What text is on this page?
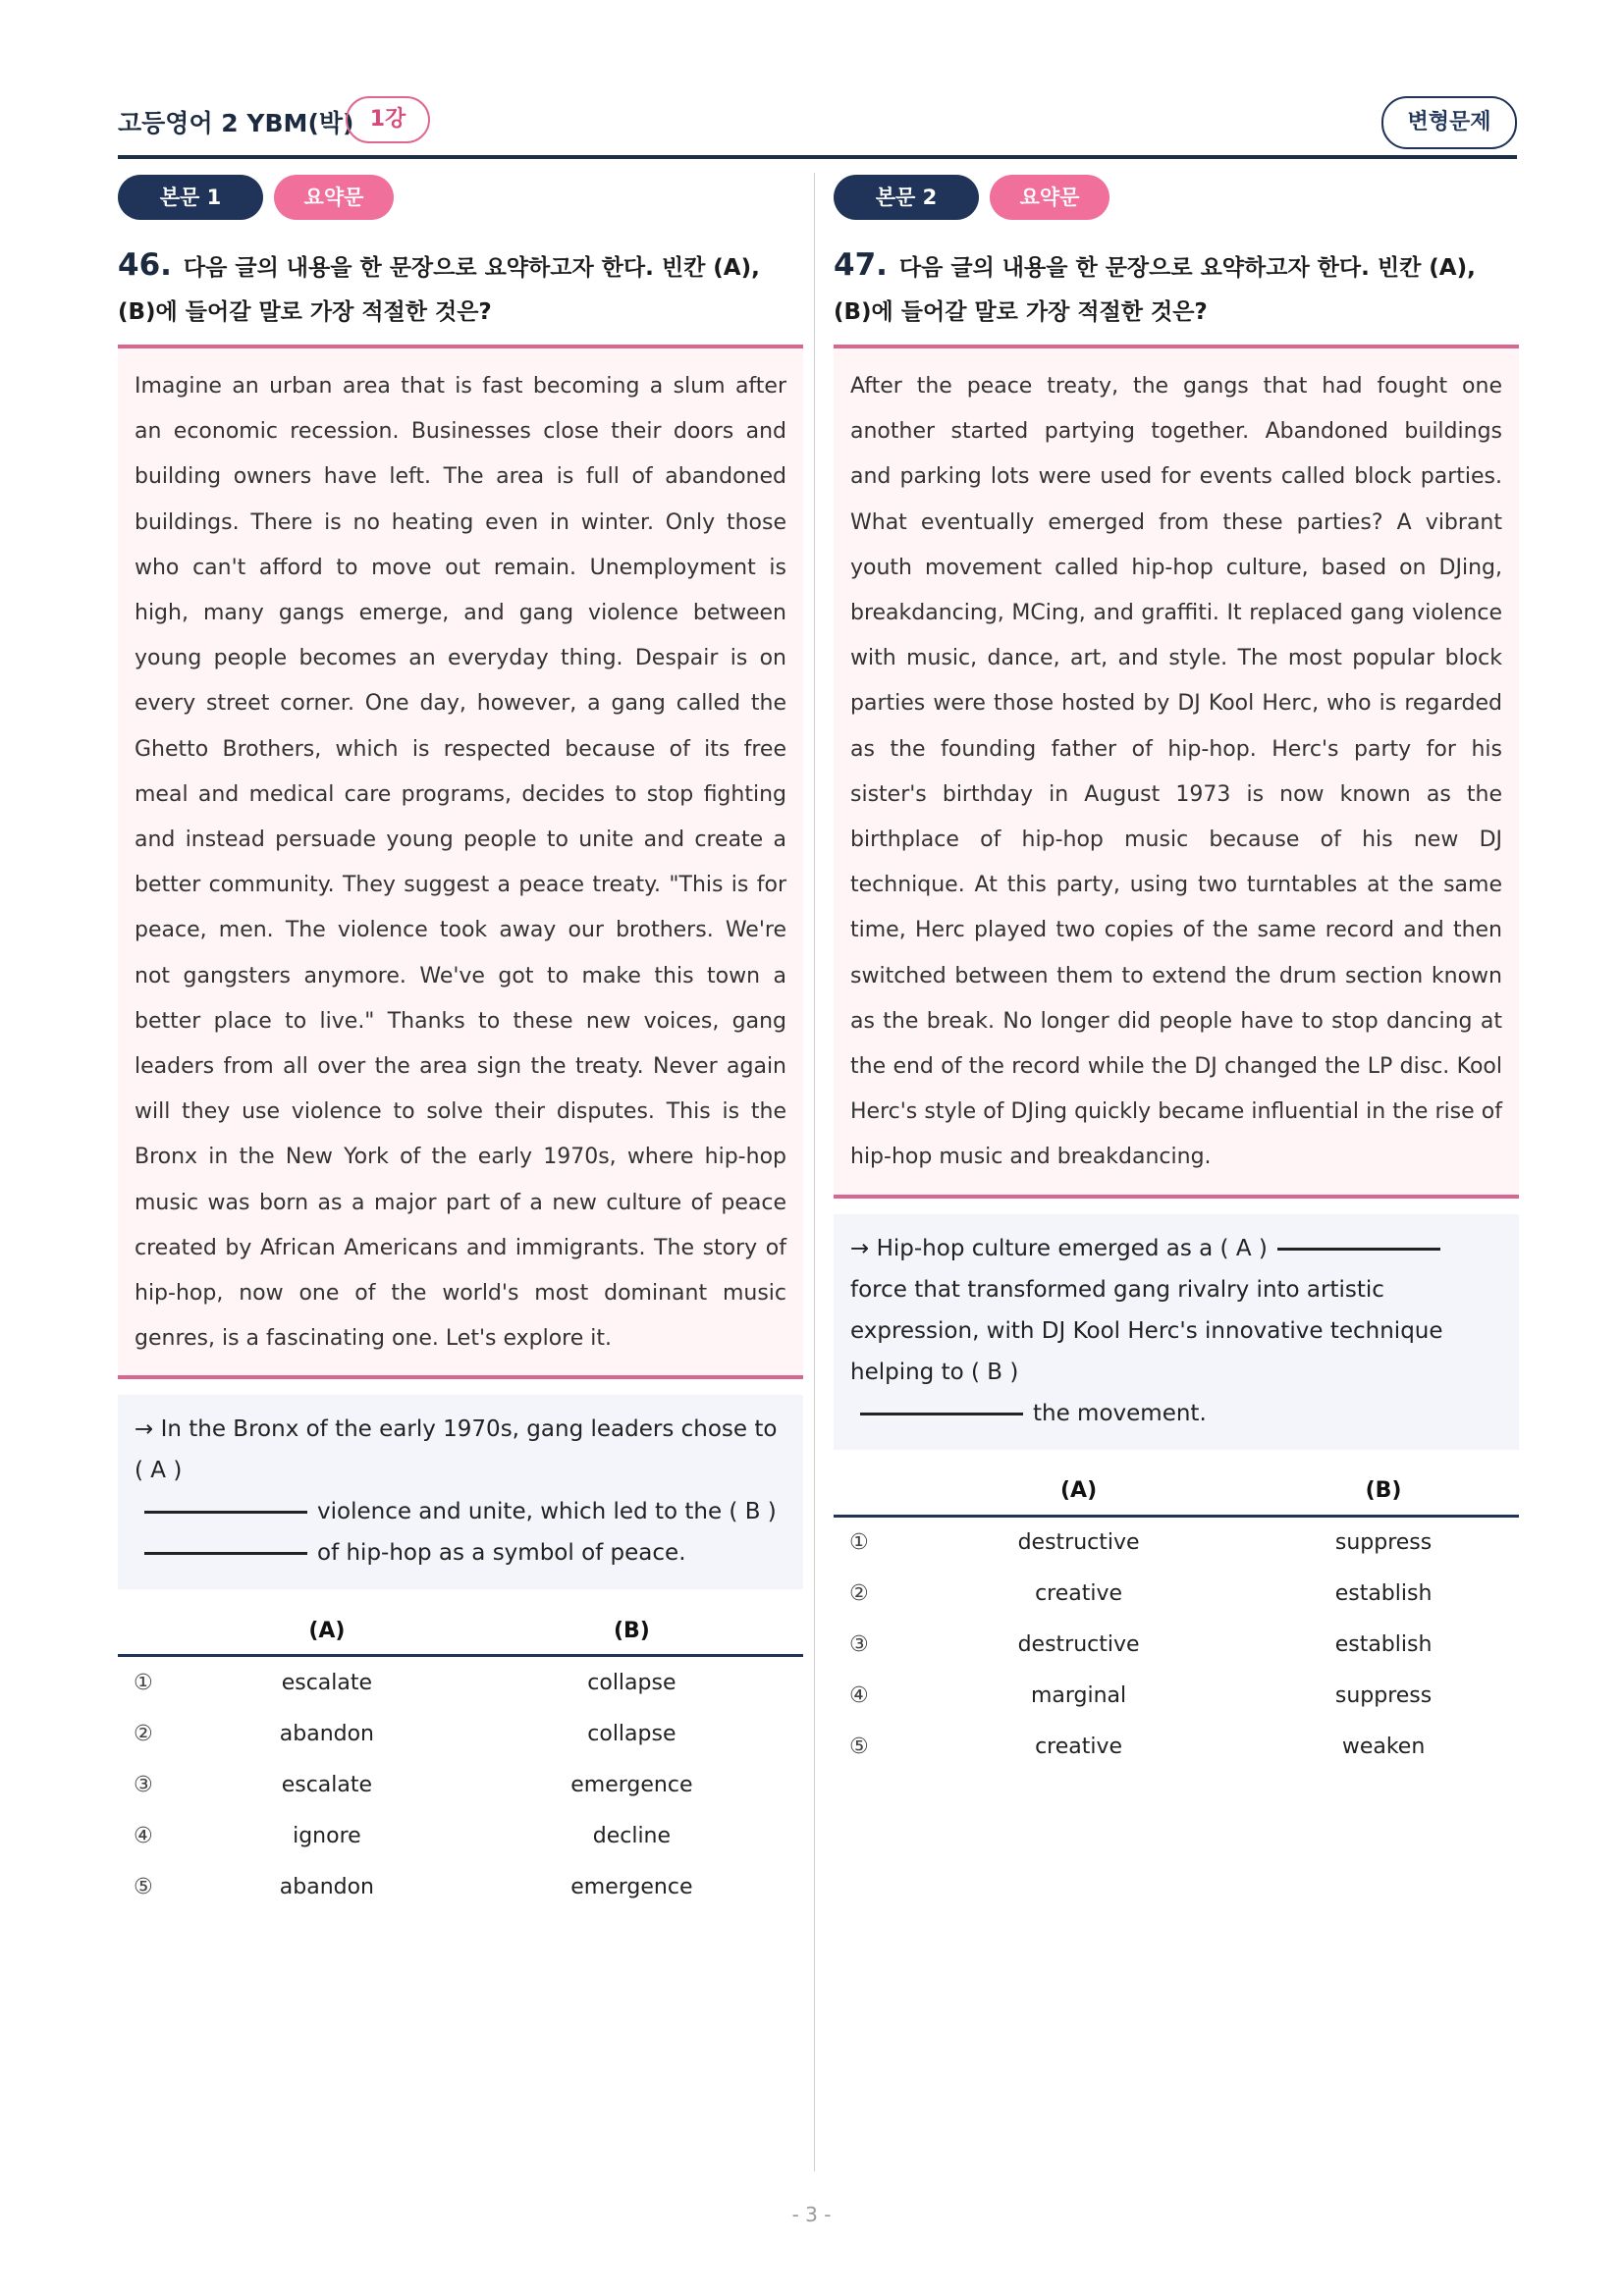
고등영어 2 YBM(박) 1강	변형문제
본문 1	요약문
46. 다음 글의 내용을 한 문장으로 요약하고자 한다. 빈칸 (A), (B)에 들어갈 말로 가장 적절한 것은?

Imagine an urban area that is fast becoming a slum after an economic recession. Businesses close their doors and building owners have left. The area is full of abandoned buildings. There is no heating even in winter. Only those who can't afford to move out remain. Unemployment is high, many gangs emerge, and gang violence between young people becomes an everyday thing. Despair is on every street corner. One day, however, a gang called the Ghetto Brothers, which is respected because of its free meal and medical care programs, decides to stop fighting and instead persuade young people to unite and create a better community. They suggest a peace treaty. "This is for peace, men. The violence took away our brothers. We're not gangsters anymore. We've got to make this town a better place to live." Thanks to these new voices, gang leaders from all over the area sign the treaty. Never again will they use violence to solve their disputes. This is the Bronx in the New York of the early 1970s, where hip-hop music was born as a major part of a new culture of peace created by African Americans and immigrants. The story of hip-hop, now one of the world's most dominant music genres, is a fascinating one. Let's explore it.

→ In the Bronx of the early 1970s, gang leaders chose to ( A )
violence and unite, which led to the ( B )
of hip-hop as a symbol of peace.
	(A)	(B)
①	escalate	collapse
②	abandon	collapse
③	escalate	emergence
④	ignore	decline
⑤	abandon	emergence
본문 2	요약문
47. 다음 글의 내용을 한 문장으로 요약하고자 한다. 빈칸 (A), (B)에 들어갈 말로 가장 적절한 것은?

After the peace treaty, the gangs that had fought one another started partying together. Abandoned buildings and parking lots were used for events called block parties. What eventually emerged from these parties? A vibrant youth movement called hip-hop culture, based on DJing, breakdancing, MCing, and graffiti. It replaced gang violence with music, dance, art, and style. The most popular block parties were those hosted by DJ Kool Herc, who is regarded as the founding father of hip-hop. Herc's party for his sister's birthday in August 1973 is now known as the birthplace of hip-hop music because of his new DJ technique. At this party, using two turntables at the same time, Herc played two copies of the same record and then switched between them to extend the drum section known as the break. No longer did people have to stop dancing at the end of the record while the DJ changed the LP disc. Kool Herc's style of DJing quickly became influential in the rise of hip-hop music and breakdancing.

→ Hip-hop culture emerged as a ( A )force that transformed gang rivalry into artistic expression, with DJ Kool Herc's innovative technique helping to ( B )
the movement.
	(A)	(B)
①	destructive	suppress
②	creative	establish
③	destructive	establish
④	marginal	suppress
⑤	creative	weaken
- 3 -
